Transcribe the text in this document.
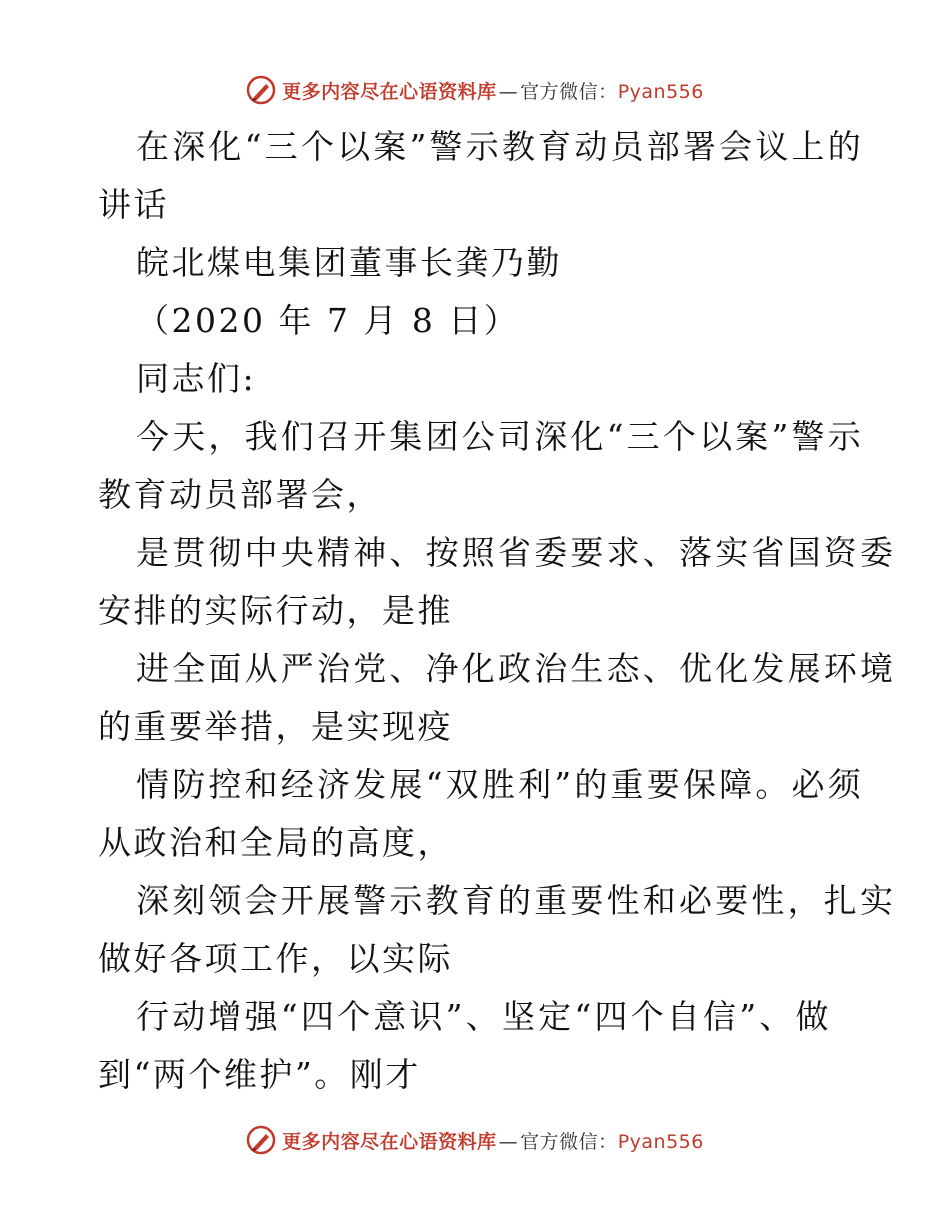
更多内容尽在心语资料库 — 官方微信：Pyan556
在深化“三个以案”警示教育动员部署会议上的
讲话
皖北煤电集团董事长龚乃勤
（2020 年 7 月 8 日）
同志们:
今天，我们召开集团公司深化“三个以案”警示
教育动员部署会，
是贯彻中央精神、按照省委要求、落实省国资委
安排的实际行动，是推
进全面从严治党、净化政治生态、优化发展环境
的重要举措，是实现疫
情防控和经济发展“双胜利”的重要保障。必须
从政治和全局的高度，
深刻领会开展警示教育的重要性和必要性，扎实
做好各项工作，以实际
行动增强“四个意识”、坚定“四个自信”、做
到“两个维护”。刚才
更多内容尽在心语资料库 — 官方微信：Pyan556
